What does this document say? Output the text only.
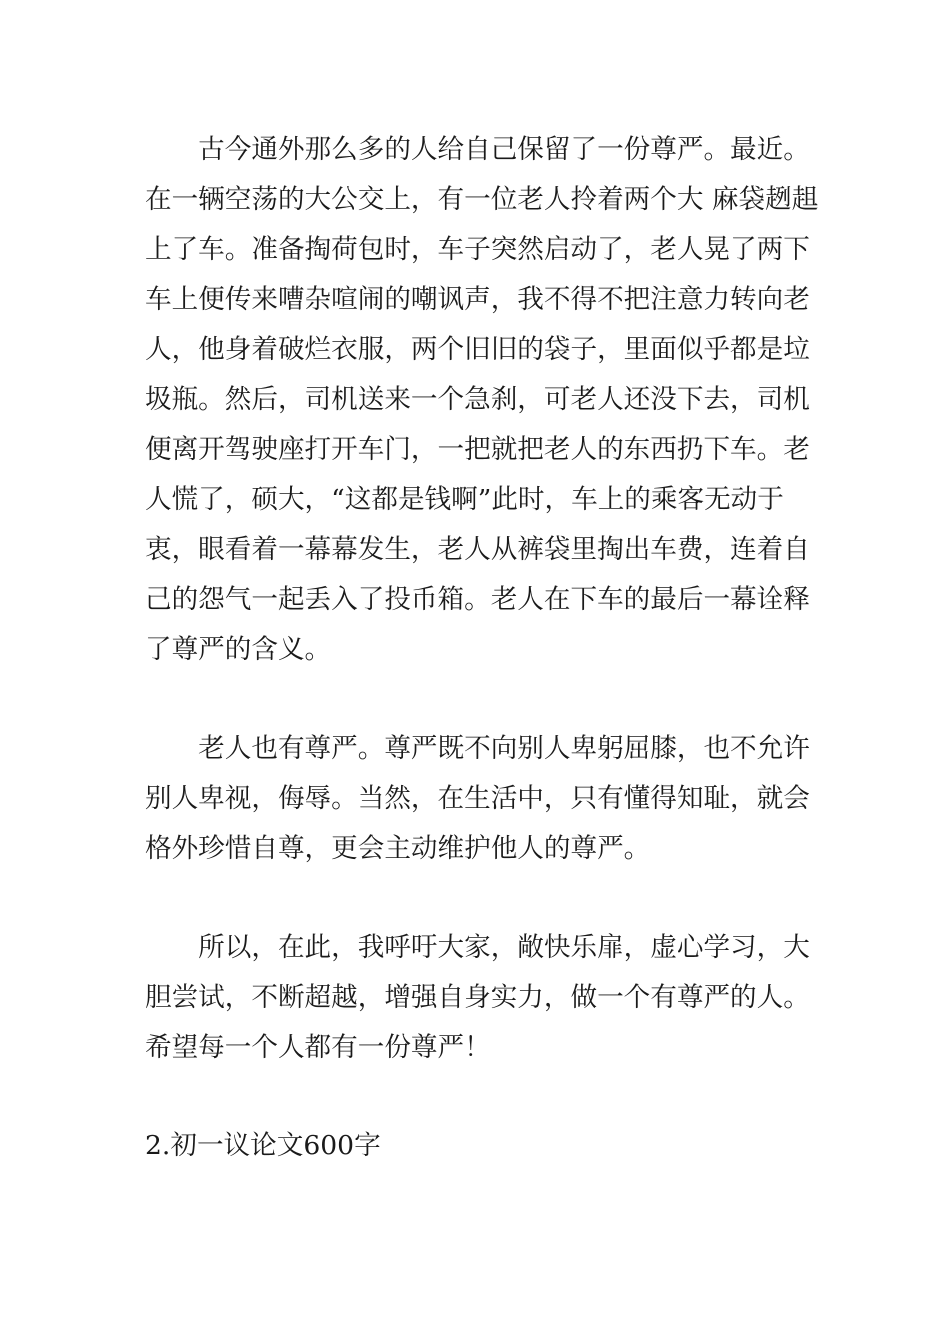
　　古今通外那么多的人给自己保留了一份尊严。最近。
在一辆空荡的大公交上，有一位老人拎着两个大 麻袋趔趄
上了车。准备掏荷包时，车子突然启动了，老人晃了两下
车上便传来嘈杂喧闹的嘲讽声，我不得不把注意力转向老
人，他身着破烂衣服，两个旧旧的袋子，里面似乎都是垃
圾瓶。然后，司机送来一个急刹，可老人还没下去，司机
便离开驾驶座打开车门，一把就把老人的东西扔下车。老
人慌了，硕大，“这都是钱啊”此时，车上的乘客无动于
衷，眼看着一幕幕发生，老人从裤袋里掏出车费，连着自
己的怨气一起丢入了投币箱。老人在下车的最后一幕诠释
了尊严的含义。
　　老人也有尊严。尊严既不向别人卑躬屈膝，也不允许
别人卑视，侮辱。当然，在生活中，只有懂得知耻，就会
格外珍惜自尊，更会主动维护他人的尊严。
　　所以，在此，我呼吁大家，敞快乐扉，虚心学习，大
胆尝试，不断超越，增强自身实力，做一个有尊严的人。
希望每一个人都有一份尊严！
2.初一议论文600字
